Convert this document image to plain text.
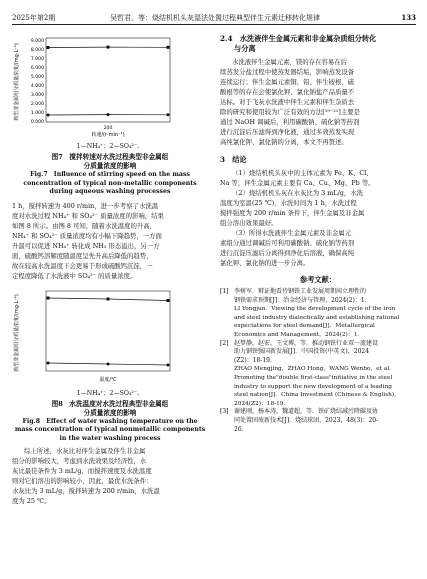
2025年第2期	吴哲君，等：烧结机机头灰湿法处置过程典型伴生元素迁移转化规律	133
典型非金属组分质量浓度/(mg·L⁻¹)
9.000
8.000
7.000
6.000
5.000
4.000
3.000
2.000
1.000
0.000
200
转速/(r·min⁻¹)
1—NH₄⁺；2—SO₄²⁻。
图7　搅拌转速对水洗过程典型非金属组
分质量浓度的影响
Fig.7　Influence of stirring speed on the mass
concentration of typical non-metallic components
during aqueous washing processes
1 h，搅拌转速为 400 r/min，进一步考察了水洗温
度对水洗过程 NH₄⁺ 和 SO₄²⁻ 质量浓度的影响，结果
如图 8 所示。由图 8 可知，随着水洗温度的升高，
NH₄⁺ 和 SO₄²⁻ 质量浓度均有小幅下降趋势，一方面
升温可以促进 NH₄⁺ 转化成 NH₃ 形态溢出，另一方
面，硫酸钙溶解度随温度呈先升高后降低的趋势，
故在较高水洗温度下会更易于形成硫酸钙沉淀，一
定程度降低了水洗液中 SO₄²⁻ 的质量浓度。
典型非金属组分质量浓度/(mg·L⁻¹)
温度/℃
1—NH₄⁺；2—SO₄²⁻。
图8　水洗温度对水洗过程典型非金属组
分质量浓度的影响
Fig.8　Effect of water washing temperature on the
mass concentration of typical nonmetallic components
in the water washing process
综上所述，水灰比对伴生金属及伴生非金属
组分的影响较大，考虑到水洗效果及经济性，水
灰比最佳条件为 3 mL/g，而搅拌速度及水洗温度
则对它们溶出的影响较小，因此，最优水洗条件：
水灰比为 3 mL/g，搅拌转速为 200 r/min，水洗温
度为 25 ℃。
2.4　水洗液伴生金属元素和非金属杂质组分转化
与分离
水洗液伴生金属元素，镁的存在容易在后
续蒸发分盐过程中使蒸发器结垢，影响蒸发设备
连续运行；伴生金属元素铜、铅、伴生铵根、硫
酸根等的存在会使氯化钾、氯化钠盐产品质量不
达标。对于飞灰水洗液中伴生元素和伴生杂质去
除的研究和使用较为广泛有效的方法[¹⁹⁻²¹]主要是
通过 NaOH 调碱后，利用碳酸钠、硫化钠等药剂
进行沉淀后压滤得到净化液，通过多效蒸发实现
高纯氯化钾、氯化钠的分离，本文不再赘述。
3　结论
（1）烧结机机头灰中的主体元素为 Fe、K、Cl、
Na 等，伴生金属元素主要有 Ca、Cu、Mg、Pb 等。
（2）烧结机机头灰在水灰比为 3 mL/g，水洗
温度为室温(25 ℃)，水洗时间为 1 h，水洗过程
搅拌强度为 200 r/min 条件下，伴生金属及非金属
组分溶出效果最好。
（3）所得水洗液伴生金属元素及非金属元
素组分通过调碱后可利用碳酸钠、硫化钠等药剂
进行沉淀压滤后分离得到净化后溶液，确保高纯
氯化钾、氯化钠的进一步分离。
参考文献：
[1] 李树军．辩证地看待钢铁工业发展周期间立理性的
钢铁需求预期[J]．冶金经济与管理，2024(2)：1.
LI Yongjun．Viewing the development cycle of the iron
and steel industry dialectically and establishing rational
expectations for steel demand[J]．Metallurgical
Economics and Management，2024(2)：1.
[2] 赵梦静，赵宏，王文博，等．推动钢铁行业双一流建设
助力钢铁强国新发展[J]．中国投资(中英文)，2024
(Z2)：18-19.
ZHAO Mengjing，ZHAO Hong，WANG Wenbo，et al.
Promoting the"double first-class"initiative in the steel
industry to support the new development of a leading
steel nation[J]．China Investment (Chinese & English)，
2024(Z2)：18-19.
[3] 谢建刚，杨本涛，魏道超，等．铁矿烧结减污降碳及协
同处置固废新技术[J]．烧结球团，2023，48(3)：20-
26.
